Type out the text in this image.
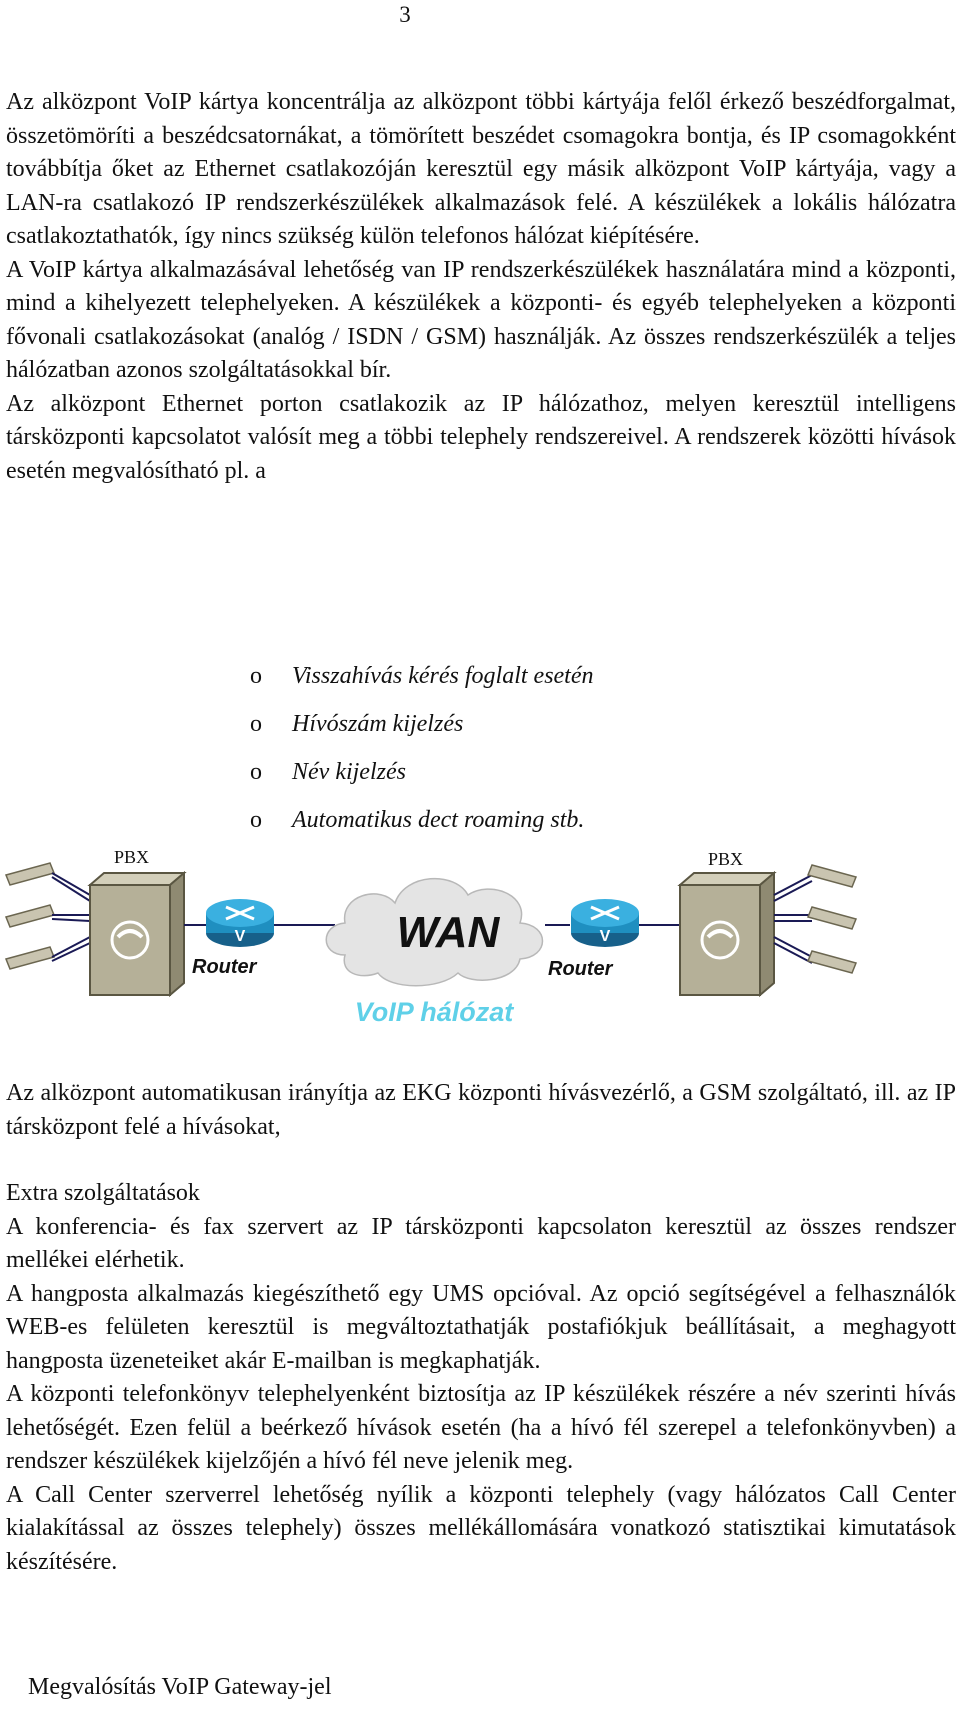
3

Az alközpont VoIP kártya koncentrálja az alközpont többi kártyája felől érkező beszédforgalmat, összetömöríti a beszédcsatornákat, a tömörített beszédet csomagokra bontja, és IP csomagokként továbbítja őket az Ethernet csatlakozóján keresztül egy másik alközpont VoIP kártyája, vagy a LAN-ra csatlakozó IP rendszerkészülékek alkalmazások felé. A készülékek a lokális hálózatra csatlakoztathatók, így nincs szükség külön telefonos hálózat kiépítésére.

A VoIP kártya alkalmazásával lehetőség van IP rendszerkészülékek használatára mind a központi, mind a kihelyezett telephelyeken. A készülékek a központi- és egyéb telephelyeken a központi fővonali csatlakozásokat (analóg / ISDN / GSM) használják. Az összes rendszerkészülék a teljes hálózatban azonos szolgáltatásokkal bír.

Az alközpont Ethernet porton csatlakozik az IP hálózathoz, melyen keresztül intelligens társközponti kapcsolatot valósít meg a többi telephely rendszereivel. A rendszerek közötti hívások esetén megvalósítható pl. a

o Visszahívás kérés foglalt esetén
o Hívószám kijelzés
o Név kijelzés
o Automatikus dect roaming stb.
PBX
V
Router
WAN	V
Router
PBX
VoIP hálózat

Az alközpont automatikusan irányítja az EKG központi hívásvezérlő, a GSM szolgáltató, ill. az IP társközpont felé a hívásokat,

Extra szolgáltatások

A konferencia- és fax szervert az IP társközponti kapcsolaton keresztül az összes rendszer mellékei elérhetik.

A hangposta alkalmazás kiegészíthető egy UMS opcióval. Az opció segítségével a felhasználók WEB-es felületen keresztül is megváltoztathatják postafiókjuk beállításait, a meghagyott hangposta üzeneteiket akár E-mailban is megkaphatják.

A központi telefonkönyv telephelyenként biztosítja az IP készülékek részére a név szerinti hívás lehetőségét. Ezen felül a beérkező hívások esetén (ha a hívó fél szerepel a telefonkönyvben) a rendszer készülékek kijelzőjén a hívó fél neve jelenik meg.

A Call Center szerverrel lehetőség nyílik a központi telephely (vagy hálózatos Call Center kialakítással az összes telephely) összes mellékállomására vonatkozó statisztikai kimutatások készítésére.

Megvalósítás VoIP Gateway-jel
